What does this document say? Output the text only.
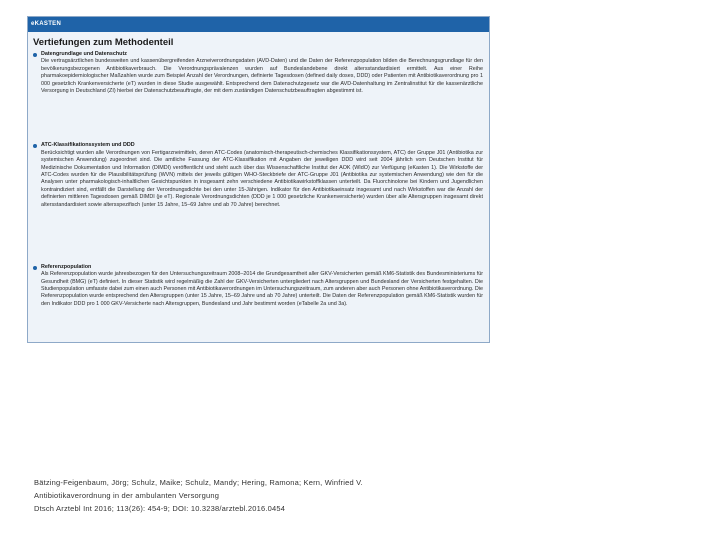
eKASTEN
Vertiefungen zum Methodenteil
Datengrundlage und Datenschutz

Die vertragsärztlichen bundesweiten und kassenübergreifenden Arzneiverordnungsdaten (AVD-Daten) und die Daten der Referenzpopulation bilden die Berechnungsgrundlage für den bevölkerungsbezogenen Antibiotikaverbrauch. Die Verordnungsprävalenzen wurden auf Bundeslandebene direkt altersstandardisiert ermittelt. Aus einer Reihe pharmakoepidemiologischer Maßzahlen wurde zum Beispiel Anzahl der Verordnungen, definierte Tagesdosen (defined daily doses, DDD) oder Patienten mit Antibiotikaverordnung pro 1 000 gesetzlich Krankenversicherte (eT) wurden in diese Studie ausgewählt. Entsprechend dem Datenschutzgesetz war die AVD-Datenhaltung im Zentralinstitut für die kassenärztliche Versorgung in Deutschland (ZI) hierbei der Datenschutzbeauftragte, der mit dem zuständigen Datenschutzbeauftragten abgestimmt ist.

ATC-Klassifikationssystem und DDD

Berücksichtigt wurden alle Verordnungen von Fertigarzneimitteln, deren ATC-Codes (anatomisch-therapeutisch-chemisches Klassifikationssystem, ATC) der Gruppe J01 (Antibiotika zur systemischen Anwendung) zugeordnet sind. Die amtliche Fassung der ATC-Klassifikation mit Angaben der jeweiligen DDD wird seit 2004 jährlich vom Deutschen Institut für Medizinische Dokumentation und Information (DIMDI) veröffentlicht und steht auch über das Wissenschaftliche Institut der AOK (WIdO) zur Verfügung (eKasten 1). Die Wirkstoffe der ATC-Codes wurden für die Plausibilitätsprüfung (WVN) mittels der jeweils gültigen WHO-Steckbriefe der ATC-Gruppe J01 (Antibiotika zur systemischen Anwendung) wie den für die Analysen unter pharmakologisch-inhaltlichen Gesichtspunkten in insgesamt zehn verschiedene Antibiotikawirkstoffklassen unterteilt. Da Fluorchinolone bei Kindern und Jugendlichen kontraindiziert sind, entfällt die Darstellung der Verordnungsdichte bei den unter 15-Jährigen. Indikator für den Antibiotikaeinsatz insgesamt und nach Wirkstoffen war die Anzahl der definierten mittleren Tagesdosen gemäß DIMDI (je eT). Regionale Verordnungsdichten (DDD je 1 000 gesetzliche Krankenversicherte) wurden über alle Altersgruppen insgesamt direkt altersstandardisiert sowie altersspezifisch (unter 15 Jahre, 15–69 Jahre und ab 70 Jahre) berechnet.

Referenzpopulation

Als Referenzpopulation wurde jahresbezogen für den Untersuchungszeitraum 2008–2014 die Grundgesamtheit aller GKV-Versicherten gemäß KM6-Statistik des Bundesministeriums für Gesundheit (BMG) (eT) definiert. In dieser Statistik wird regelmäßig die Zahl der GKV-Versicherten untergliedert nach Altersgruppen und Bundesland der Versicherten festgehalten. Die Studienpopulation umfasste dabei zum einen auch Personen mit Antibiotikaverordnungen im Untersuchungszeitraum, zum anderen aber auch Personen ohne Antibiotikaverordnung. Die Referenzpopulation wurde entsprechend den Altersgruppen (unter 15 Jahre, 15–69 Jahre und ab 70 Jahre) unterteilt. Die Daten der Referenzpopulation gemäß KM6-Statistik wurden für den Indikator DDD pro 1 000 GKV-Versicherte nach Altersgruppen, Bundesland und Jahr bestimmt worden (eTabelle 2a und 3a).

Bätzing-Feigenbaum, Jörg; Schulz, Maike; Schulz, Mandy; Hering, Ramona; Kern, Winfried V.
Antibiotikaverordnung in der ambulanten Versorgung
Dtsch Arztebl Int 2016; 113(26): 454-9; DOI: 10.3238/arztebl.2016.0454
